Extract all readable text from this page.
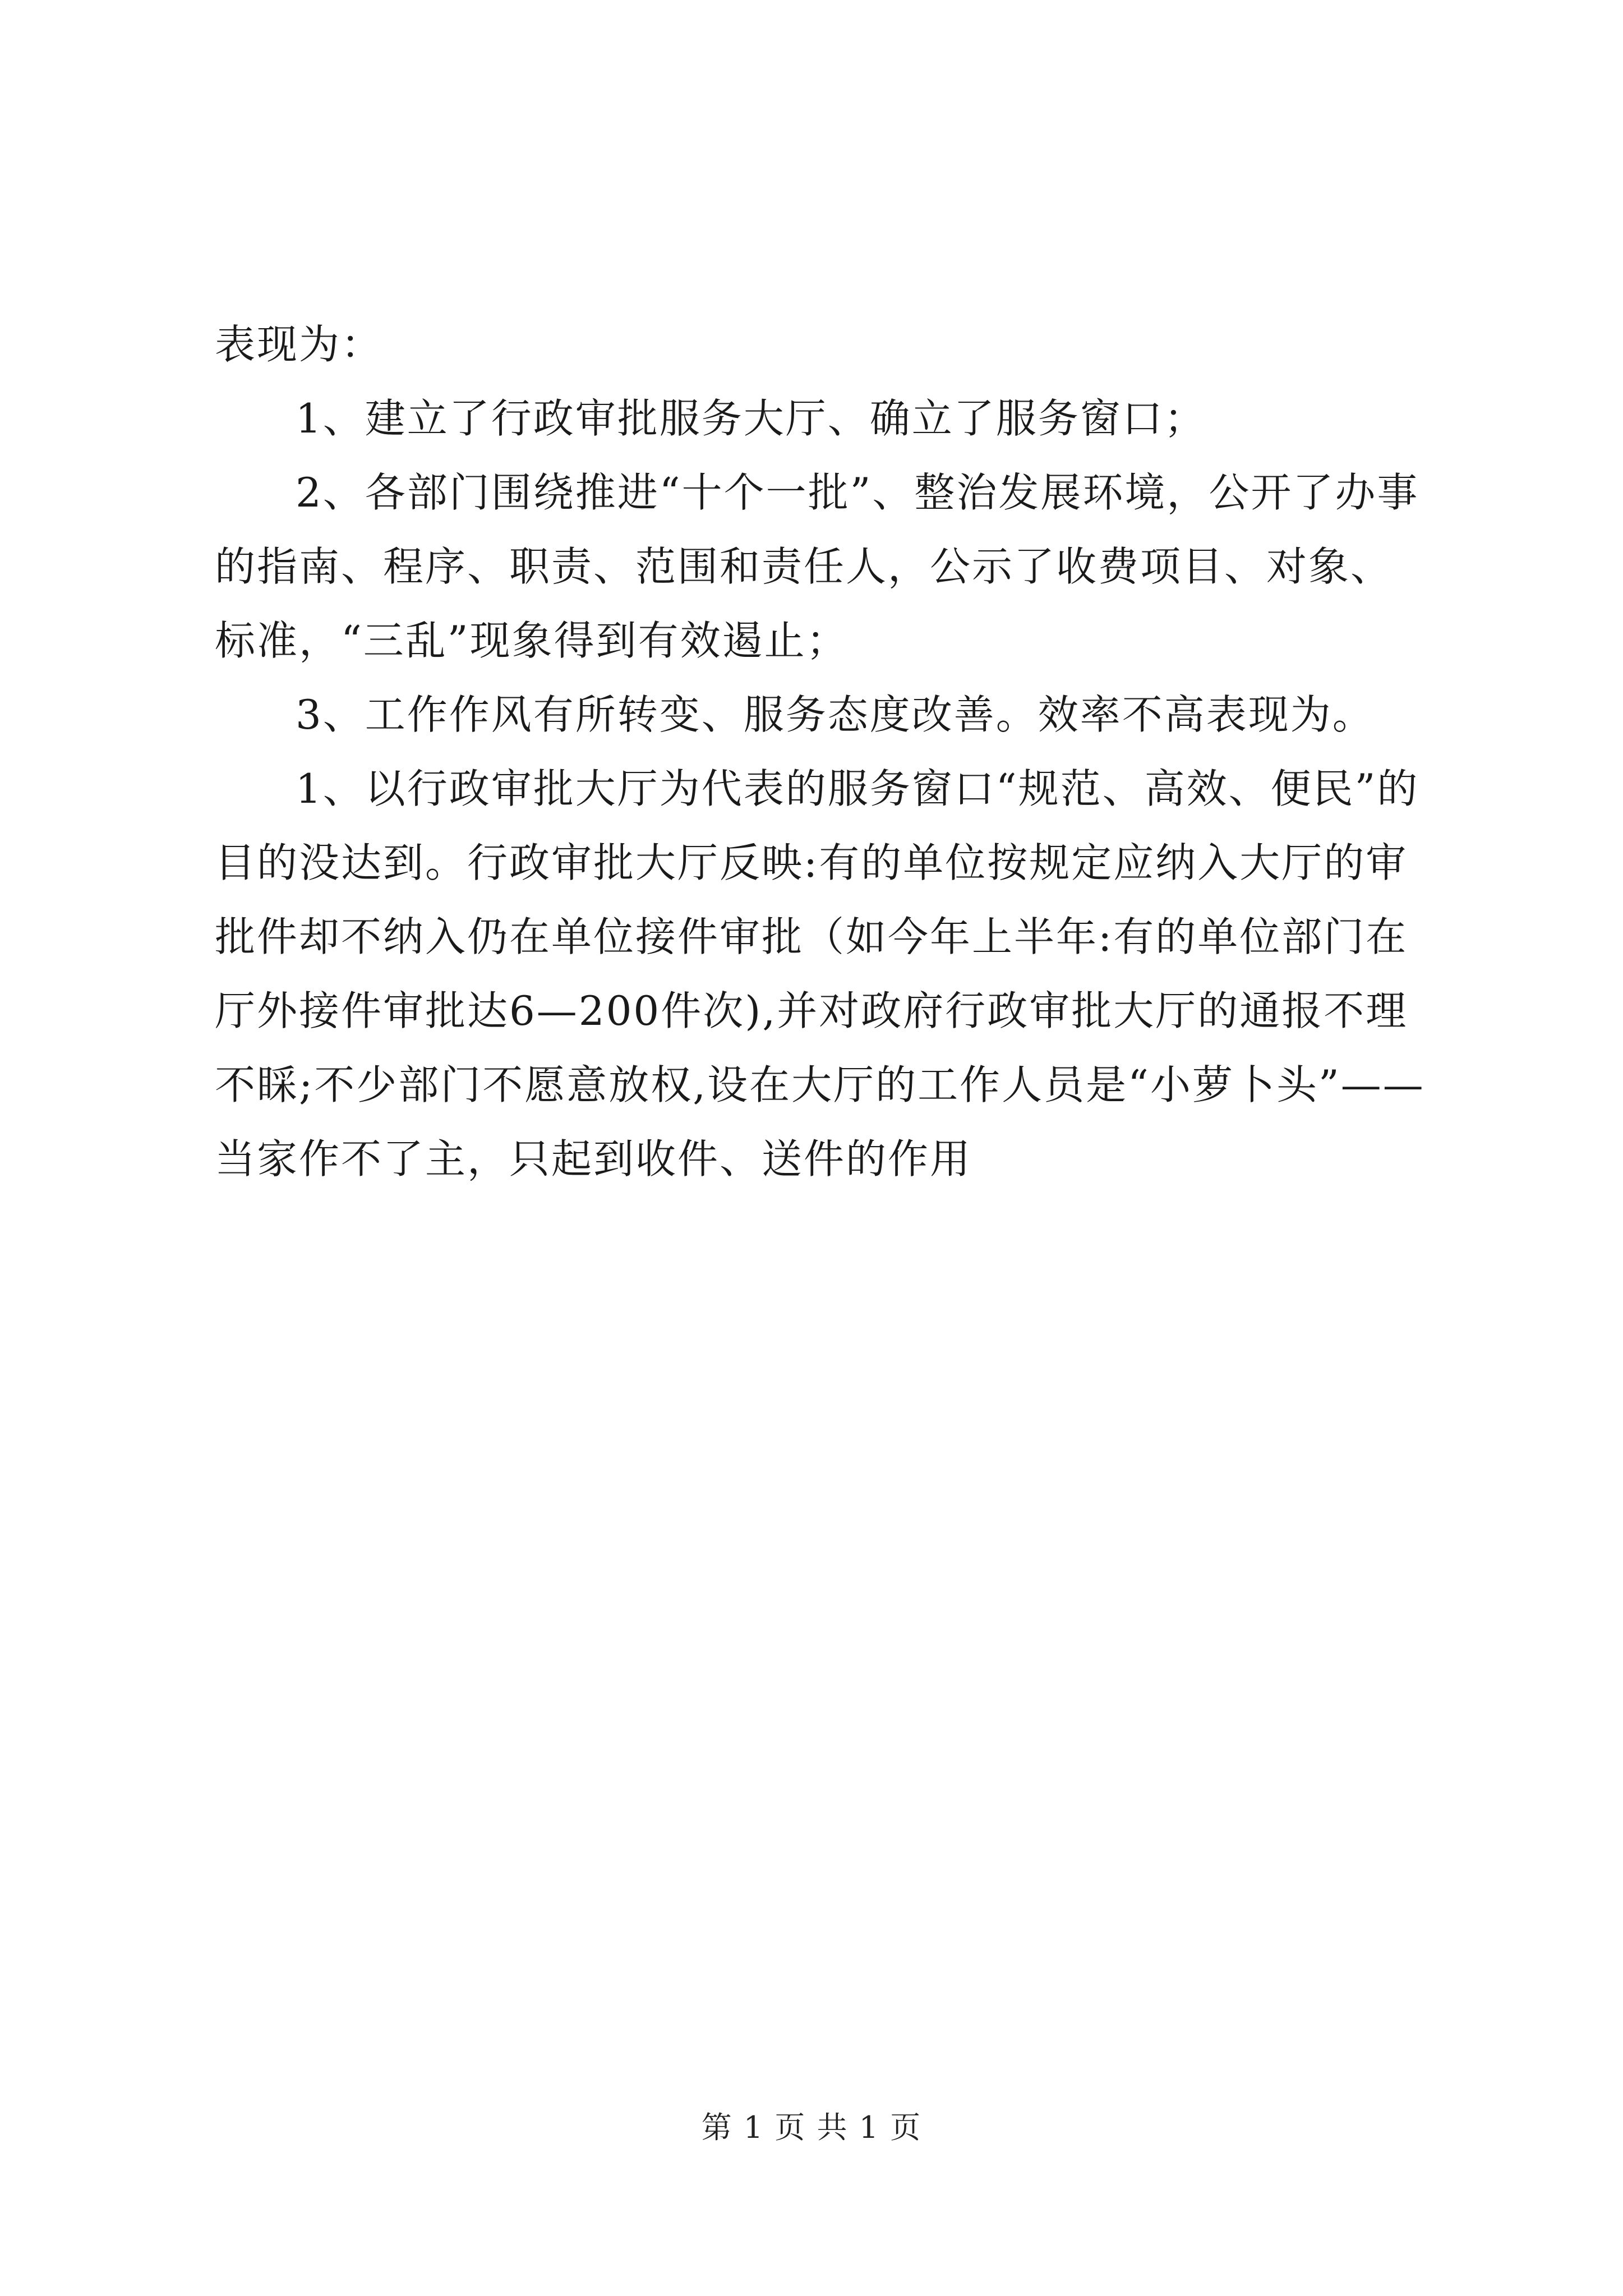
表现为：

1、建立了行政审批服务大厅、确立了服务窗口；

2、各部门围绕推进“十个一批”、整治发展环境，公开了办事的指南、程序、职责、范围和责任人，公示了收费项目、对象、标准，“三乱”现象得到有效遏止；

3、工作作风有所转变、服务态度改善。效率不高表现为。

1、以行政审批大厅为代表的服务窗口“规范、高效、便民”的目的没达到。行政审批大厅反映:有的单位按规定应纳入大厅的审批件却不纳入仍在单位接件审批（如今年上半年:有的单位部门在厅外接件审批达6—200件次),并对政府行政审批大厅的通报不理不睬;不少部门不愿意放权,设在大厅的工作人员是“小萝卜头”——当家作不了主，只起到收件、送件的作用

第 1 页 共 1 页
